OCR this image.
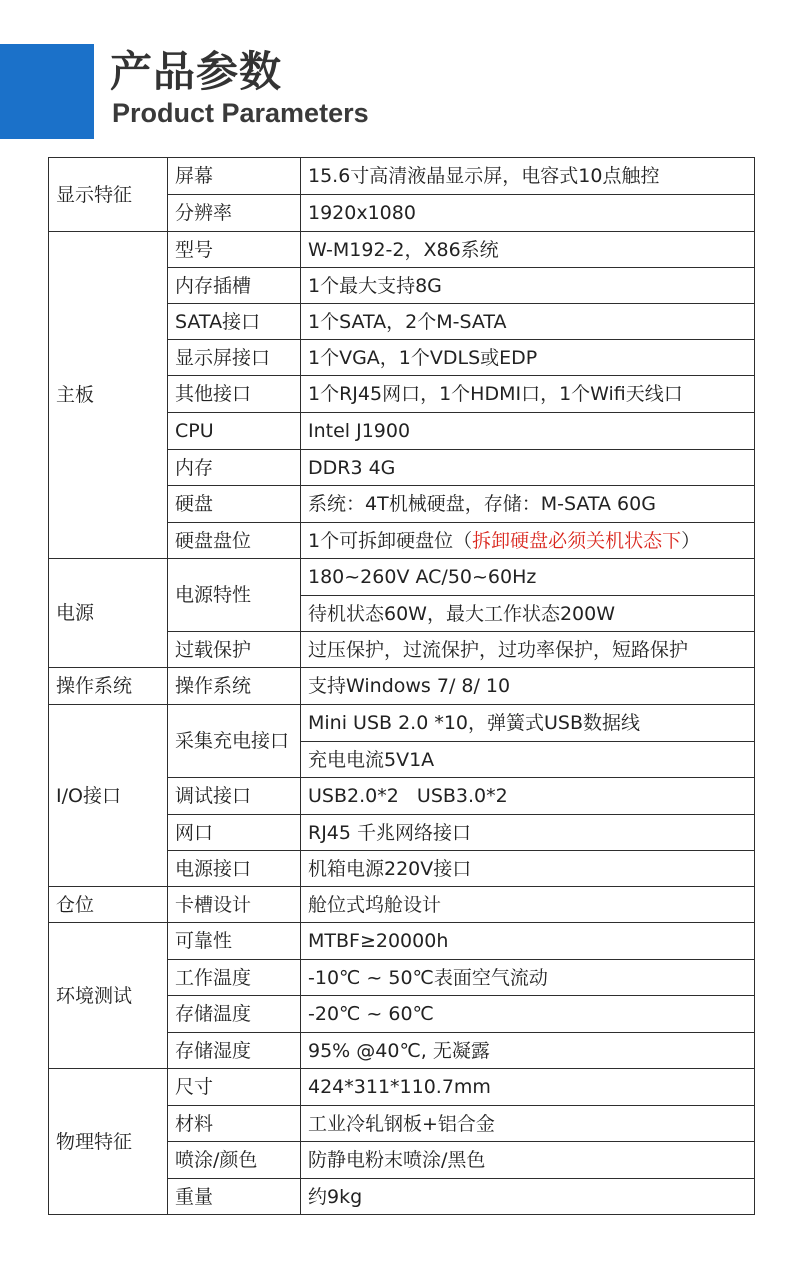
产品参数
Product Parameters
显示特征	屏幕	15.6寸高清液晶显示屏，电容式10点触控
	分辨率	1920x1080
主板	型号	W-M192-2，X86系统
	内存插槽	1个最大支持8G
	SATA接口	1个SATA，2个M-SATA
	显示屏接口	1个VGA，1个VDLS或EDP
	其他接口	1个RJ45网口，1个HDMI口，1个Wifi天线口
	CPU	Intel J1900
	内存	DDR3 4G
	硬盘	系统：4T机械硬盘，存储：M-SATA 60G
	硬盘盘位	1个可拆卸硬盘位（拆卸硬盘必须关机状态下）
电源	电源特性	180~260V AC/50~60Hz
		待机状态60W，最大工作状态200W
	过载保护	过压保护，过流保护，过功率保护，短路保护
操作系统	操作系统	支持Windows 7/ 8/ 10
I/O接口	采集充电接口	Mini USB 2.0 *10，弹簧式USB数据线
		充电电流5V1A
	调试接口	USB2.0*2   USB3.0*2
	网口	RJ45 千兆网络接口
	电源接口	机箱电源220V接口
仓位	卡槽设计	舱位式坞舱设计
环境测试	可靠性	MTBF≥20000h
	工作温度	-10℃ ~ 50℃表面空气流动
	存储温度	-20℃ ~ 60℃
	存储湿度	95% @40℃, 无凝露
物理特征	尺寸	424*311*110.7mm
	材料	工业冷轧钢板+铝合金
	喷涂/颜色	防静电粉末喷涂/黑色
	重量	约9kg
